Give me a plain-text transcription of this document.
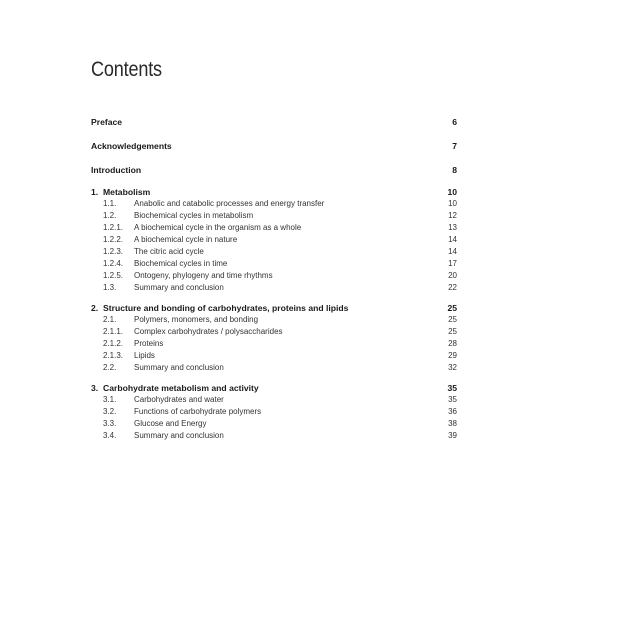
Contents
Preface	6
Acknowledgements	7
Introduction	8
1. Metabolism	10
1.1. Anabolic and catabolic processes and energy transfer	10
1.2. Biochemical cycles in metabolism	12
1.2.1. A biochemical cycle in the organism as a whole	13
1.2.2. A biochemical cycle in nature	14
1.2.3. The citric acid cycle	14
1.2.4. Biochemical cycles in time	17
1.2.5. Ontogeny, phylogeny and time rhythms	20
1.3. Summary and conclusion	22
2. Structure and bonding of carbohydrates, proteins and lipids	25
2.1. Polymers, monomers, and bonding	25
2.1.1. Complex carbohydrates / polysaccharides	25
2.1.2. Proteins	28
2.1.3. Lipids	29
2.2. Summary and conclusion	32
3. Carbohydrate metabolism and activity	35
3.1. Carbohydrates and water	35
3.2. Functions of carbohydrate polymers	36
3.3. Glucose and Energy	38
3.4. Summary and conclusion	39
